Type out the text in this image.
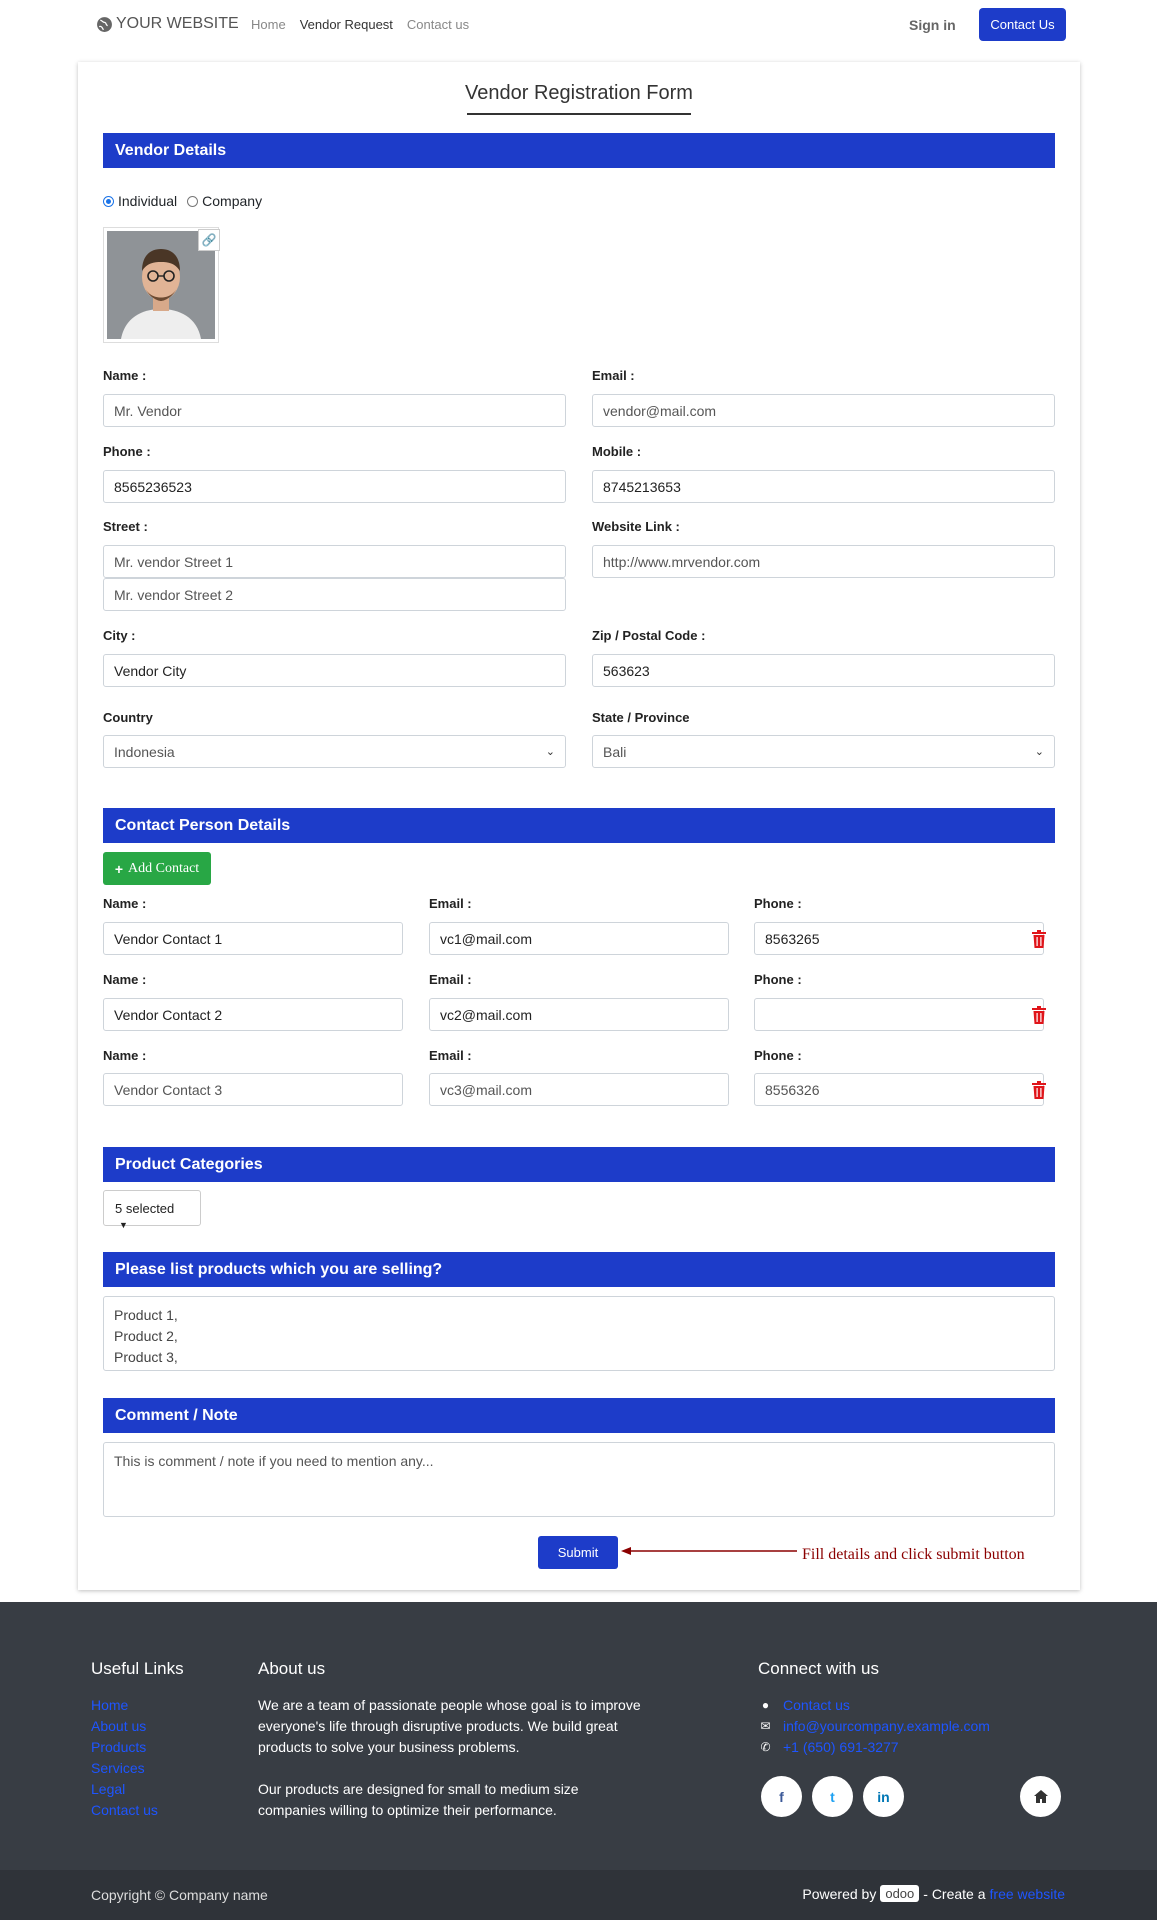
YOUR WEBSITE Home Vendor Request Contact us	Sign in	Contact Us
Vendor Registration Form
Vendor Details
Individual Company
🔗
Name :	Email :
Mr. Vendor	vendor@mail.com
Phone :	Mobile :
8565236523	8745213653
Street :	Website Link :
Mr. vendor Street 1
Mr. vendor Street 2
http://www.mrvendor.com
City :	Zip / Postal Code :
Vendor City	563623
Country	State / Province
Indonesia	⌄	Bali	⌄
Contact Person Details
+ Add Contact
Name :	Email :	Phone :
Vendor Contact 1	vc1@mail.com	8563265
Name :	Email :	Phone :
Vendor Contact 2	vc2@mail.com
Name :	Email :	Phone :
Vendor Contact 3	vc3@mail.com	8556326
Product Categories
5 selected ▼
Please list products which you are selling?
Product 1,
Product 2,
Product 3,
Comment / Note
This is comment / note if you need to mention any...
Submit	Fill details and click submit button
Useful Links
Home
About us
Products
Services
Legal
Contact us
About us
We are a team of passionate people whose goal is to improve everyone's life through disruptive products. We build great products to solve your business problems.
Our products are designed for small to medium size companies willing to optimize their performance.
Connect with us
● Contact us
✉ info@yourcompany.example.com
✆ +1 (650) 691-3277
f	t	in
Copyright © Company name	Powered by odoo - Create a free website
